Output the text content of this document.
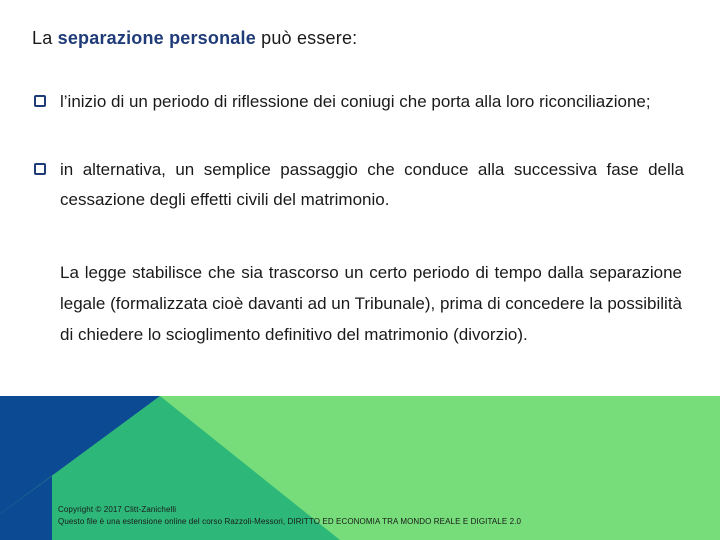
La separazione personale può essere:
l’inizio di un periodo di riflessione dei coniugi che porta alla loro riconciliazione;
in alternativa, un semplice passaggio che conduce alla successiva fase della cessazione degli effetti civili del matrimonio.
La legge stabilisce che sia trascorso un certo periodo di tempo dalla separazione legale (formalizzata cioè davanti ad un Tribunale), prima di concedere la possibilità di chiedere lo scioglimento definitivo del matrimonio (divorzio).
Copyright © 2017 Clitt-Zanichelli
Questo file è una estensione online del corso Razzoli-Messori, DIRITTO ED ECONOMIA TRA MONDO REALE E DIGITALE 2.0
